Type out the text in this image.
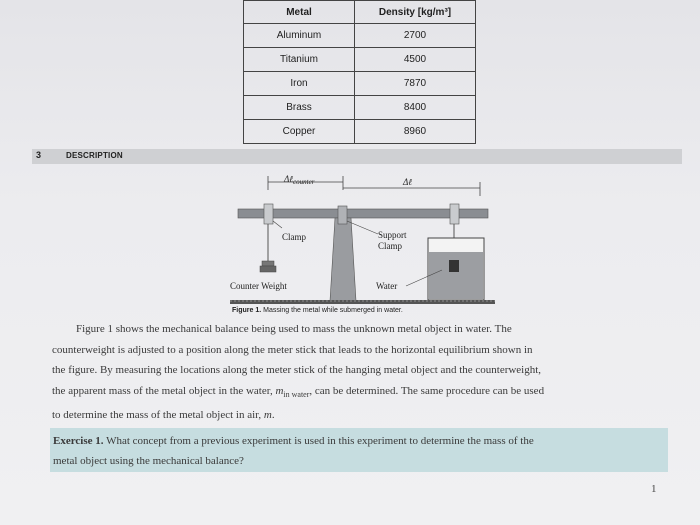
Metal	Density [kg/m³]
Aluminum	2700
Titanium	4500
Iron	7870
Brass	8400
Copper	8960
3	DESCRIPTION
Δℓ$_{counter}$	Δℓ
Clamp	Support
Clamp
Counter Weight	Water
Figure 1. Massing the metal while submerged in water.

Figure 1 shows the mechanical balance being used to mass the unknown metal object in water. The

counterweight is adjusted to a position along the meter stick that leads to the horizontal equilibrium shown in

the figure. By measuring the locations along the meter stick of the hanging metal object and the counterweight,

the apparent mass of the metal object in the water, $m_{in water}$, can be determined. The same procedure can be used

to determine the mass of the metal object in air, m.

Exercise 1. What concept from a previous experiment is used in this experiment to determine the mass of the
metal object using the mechanical balance?
1
